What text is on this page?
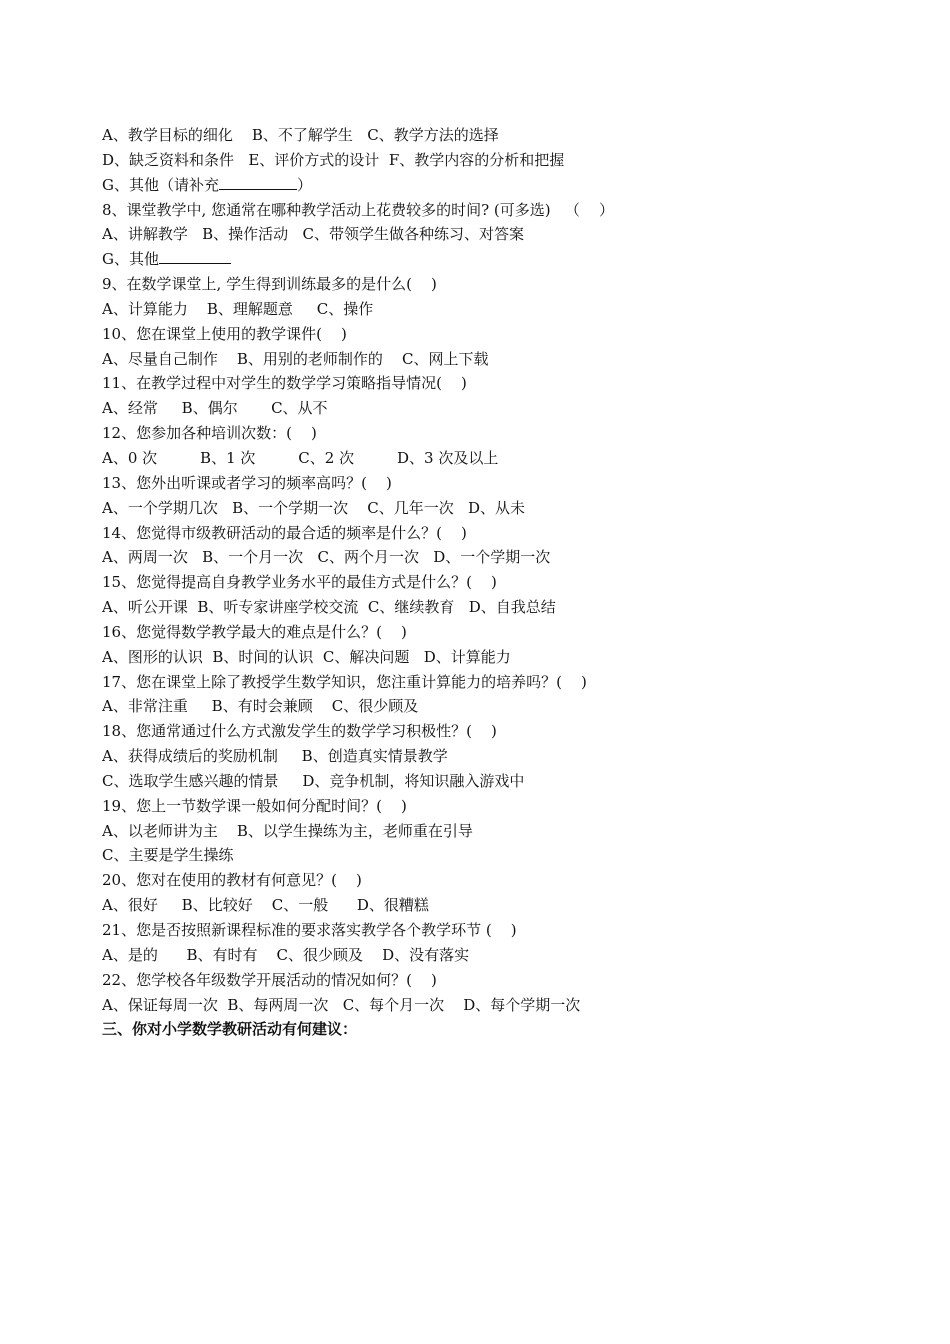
A、教学目标的细化    B、不了解学生   C、教学方法的选择
D、缺乏资料和条件   E、评价方式的设计  F、教学内容的分析和把握
G、其他（请补充	）
8、课堂教学中, 您通常在哪种教学活动上花费较多的时间? (可多选)   （    ）
A、讲解教学   B、操作活动   C、带领学生做各种练习、对答案
G、其他
9、在数学课堂上, 学生得到训练最多的是什么(    )
A、计算能力    B、理解题意     C、操作
10、您在课堂上使用的教学课件(    )
A、尽量自己制作    B、用别的老师制作的    C、网上下载
11、在教学过程中对学生的数学学习策略指导情况(    )
A、经常     B、偶尔       C、从不
12、您参加各种培训次数：(    )
A、0 次         B、1 次         C、2 次         D、3 次及以上
13、您外出听课或者学习的频率高吗？(    )
A、一个学期几次   B、一个学期一次    C、几年一次   D、从未
14、您觉得市级教研活动的最合适的频率是什么？(    )
A、两周一次   B、一个月一次   C、两个月一次   D、一个学期一次
15、您觉得提高自身教学业务水平的最佳方式是什么？(    )
A、听公开课  B、听专家讲座学校交流  C、继续教育   D、自我总结
16、您觉得数学教学最大的难点是什么？(    )
A、图形的认识  B、时间的认识  C、解决问题   D、计算能力
17、您在课堂上除了教授学生数学知识，您注重计算能力的培养吗？(    )
A、非常注重     B、有时会兼顾    C、很少顾及
18、您通常通过什么方式激发学生的数学学习积极性？(    )
A、获得成绩后的奖励机制     B、创造真实情景教学
C、选取学生感兴趣的情景     D、竞争机制，将知识融入游戏中
19、您上一节数学课一般如何分配时间？(    )
A、以老师讲为主    B、以学生操练为主，老师重在引导
C、主要是学生操练
20、您对在使用的教材有何意见？(    )
A、很好     B、比较好    C、一般      D、很糟糕
21、您是否按照新课程标准的要求落实教学各个教学环节 (    )
A、是的      B、有时有    C、很少顾及    D、没有落实
22、您学校各年级数学开展活动的情况如何？(    )
A、保证每周一次  B、每两周一次   C、每个月一次    D、每个学期一次
三、你对小学数学教研活动有何建议：
